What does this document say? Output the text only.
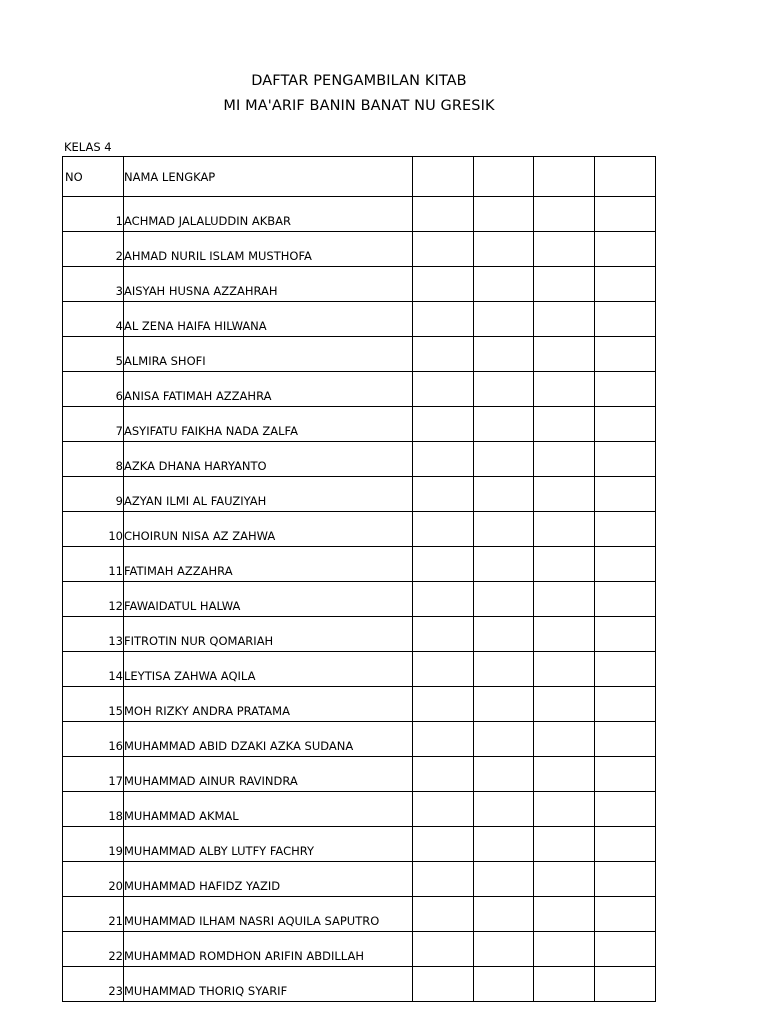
DAFTAR PENGAMBILAN KITAB
MI MA'ARIF BANIN BANAT NU GRESIK
KELAS 4
NO	NAMA LENGKAP				
1	ACHMAD JALALUDDIN AKBAR				
2	AHMAD NURIL ISLAM MUSTHOFA				
3	AISYAH HUSNA AZZAHRAH				
4	AL ZENA HAIFA HILWANA				
5	ALMIRA SHOFI				
6	ANISA FATIMAH AZZAHRA				
7	ASYIFATU FAIKHA NADA ZALFA				
8	AZKA DHANA HARYANTO				
9	AZYAN ILMI AL FAUZIYAH				
10	CHOIRUN NISA AZ ZAHWA				
11	FATIMAH AZZAHRA				
12	FAWAIDATUL HALWA				
13	FITROTIN NUR QOMARIAH				
14	LEYTISA ZAHWA AQILA				
15	MOH RIZKY ANDRA PRATAMA				
16	MUHAMMAD ABID DZAKI AZKA SUDANA				
17	MUHAMMAD AINUR RAVINDRA				
18	MUHAMMAD AKMAL				
19	MUHAMMAD ALBY LUTFY FACHRY				
20	MUHAMMAD HAFIDZ YAZID				
21	MUHAMMAD ILHAM NASRI AQUILA SAPUTRO				
22	MUHAMMAD ROMDHON ARIFIN ABDILLAH				
23	MUHAMMAD THORIQ SYARIF				
